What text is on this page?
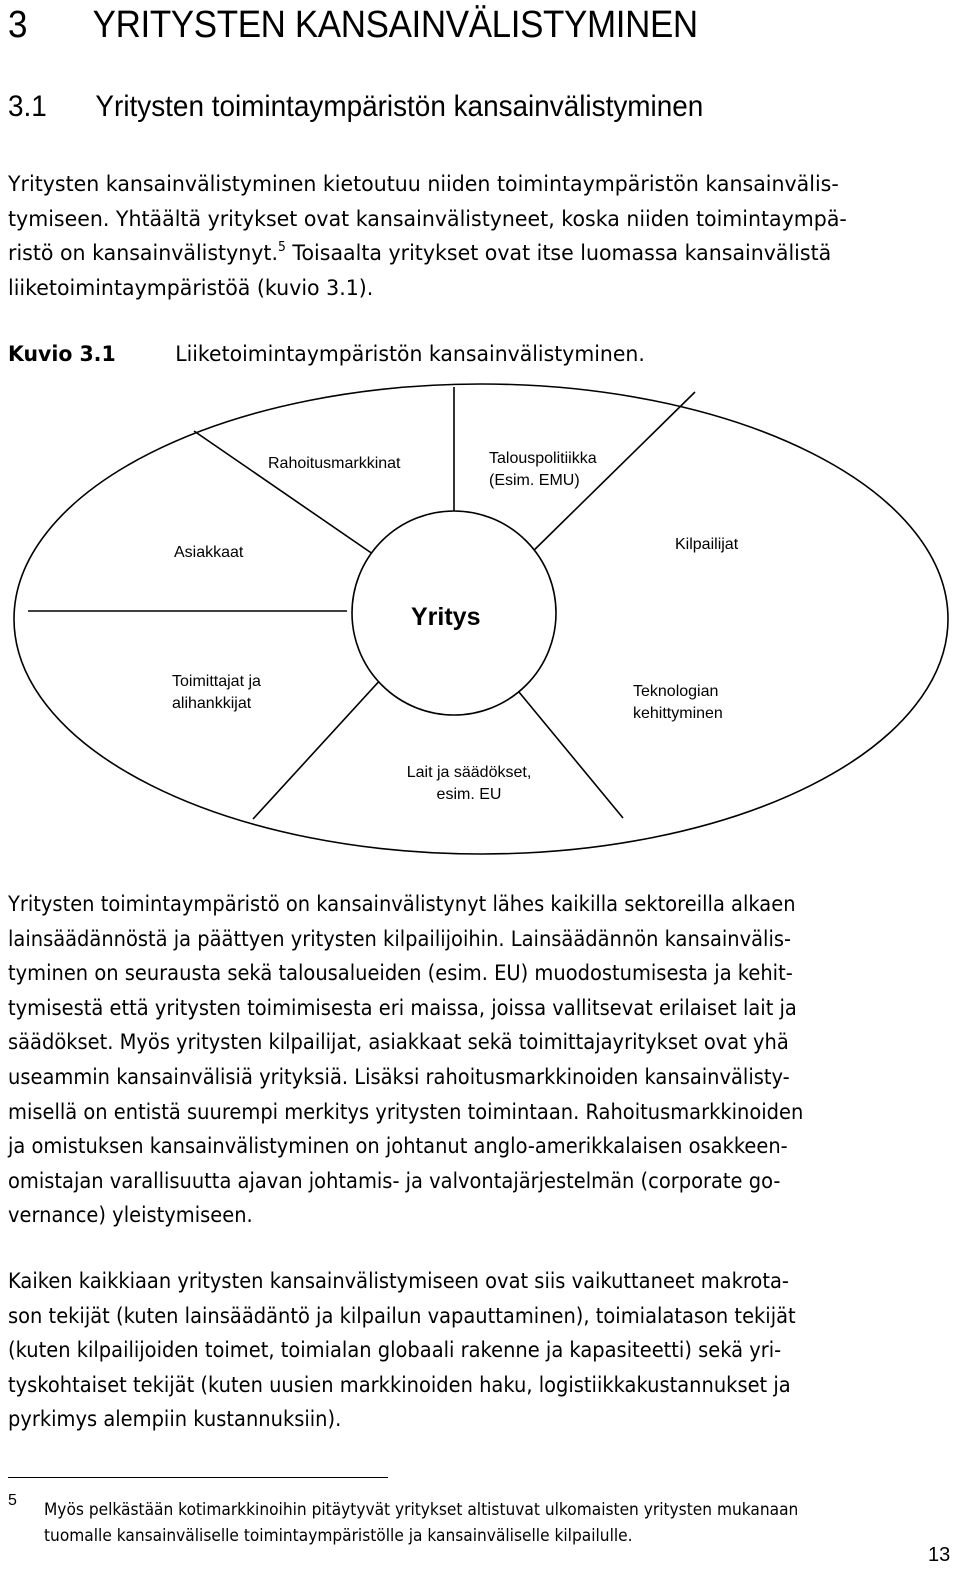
3 YRITYSTEN KANSAINVÄLISTYMINEN
3.1 Yritysten toimintaympäristön kansainvälistyminen
Yritysten kansainvälistyminen kietoutuu niiden toimintaympäristön kansainvälis-
tymiseen. Yhtäältä yritykset ovat kansainvälistyneet, koska niiden toimintaympä-
ristö on kansainvälistynyt.$^5$ Toisaalta yritykset ovat itse luomassa kansainvälistä
liiketoimintaympäristöä (kuvio 3.1).
Kuvio 3.1	Liiketoimintaympäristön kansainvälistyminen.
Yritys
Rahoitusmarkkinat	Talouspolitiikka
(Esim. EMU)
Asiakkaat	Kilpailijat
Toimittajat ja
alihankkijat
Teknologian
kehittyminen
Lait ja säädökset,
esim. EU
Yritysten toimintaympäristö on kansainvälistynyt lähes kaikilla sektoreilla alkaen
lainsäädännöstä ja päättyen yritysten kilpailijoihin. Lainsäädännön kansainvälis-
tyminen on seurausta sekä talousalueiden (esim. EU) muodostumisesta ja kehit-
tymisestä että yritysten toimimisesta eri maissa, joissa vallitsevat erilaiset lait ja
säädökset. Myös yritysten kilpailijat, asiakkaat sekä toimittajayritykset ovat yhä
useammin kansainvälisiä yrityksiä. Lisäksi rahoitusmarkkinoiden kansainvälisty-
misellä on entistä suurempi merkitys yritysten toimintaan. Rahoitusmarkkinoiden
ja omistuksen kansainvälistyminen on johtanut anglo-amerikkalaisen osakkeen-
omistajan varallisuutta ajavan johtamis- ja valvontajärjestelmän (corporate go-
vernance) yleistymiseen.
Kaiken kaikkiaan yritysten kansainvälistymiseen ovat siis vaikuttaneet makrota-
son tekijät (kuten lainsäädäntö ja kilpailun vapauttaminen), toimialatason tekijät
(kuten kilpailijoiden toimet, toimialan globaali rakenne ja kapasiteetti) sekä yri-
tyskohtaiset tekijät (kuten uusien markkinoiden haku, logistiikkakustannukset ja
pyrkimys alempiin kustannuksiin).
5 Myös pelkästään kotimarkkinoihin pitäytyvät yritykset altistuvat ulkomaisten yritysten mukanaan
tuomalle kansainväliselle toimintaympäristölle ja kansainväliselle kilpailulle.
13
